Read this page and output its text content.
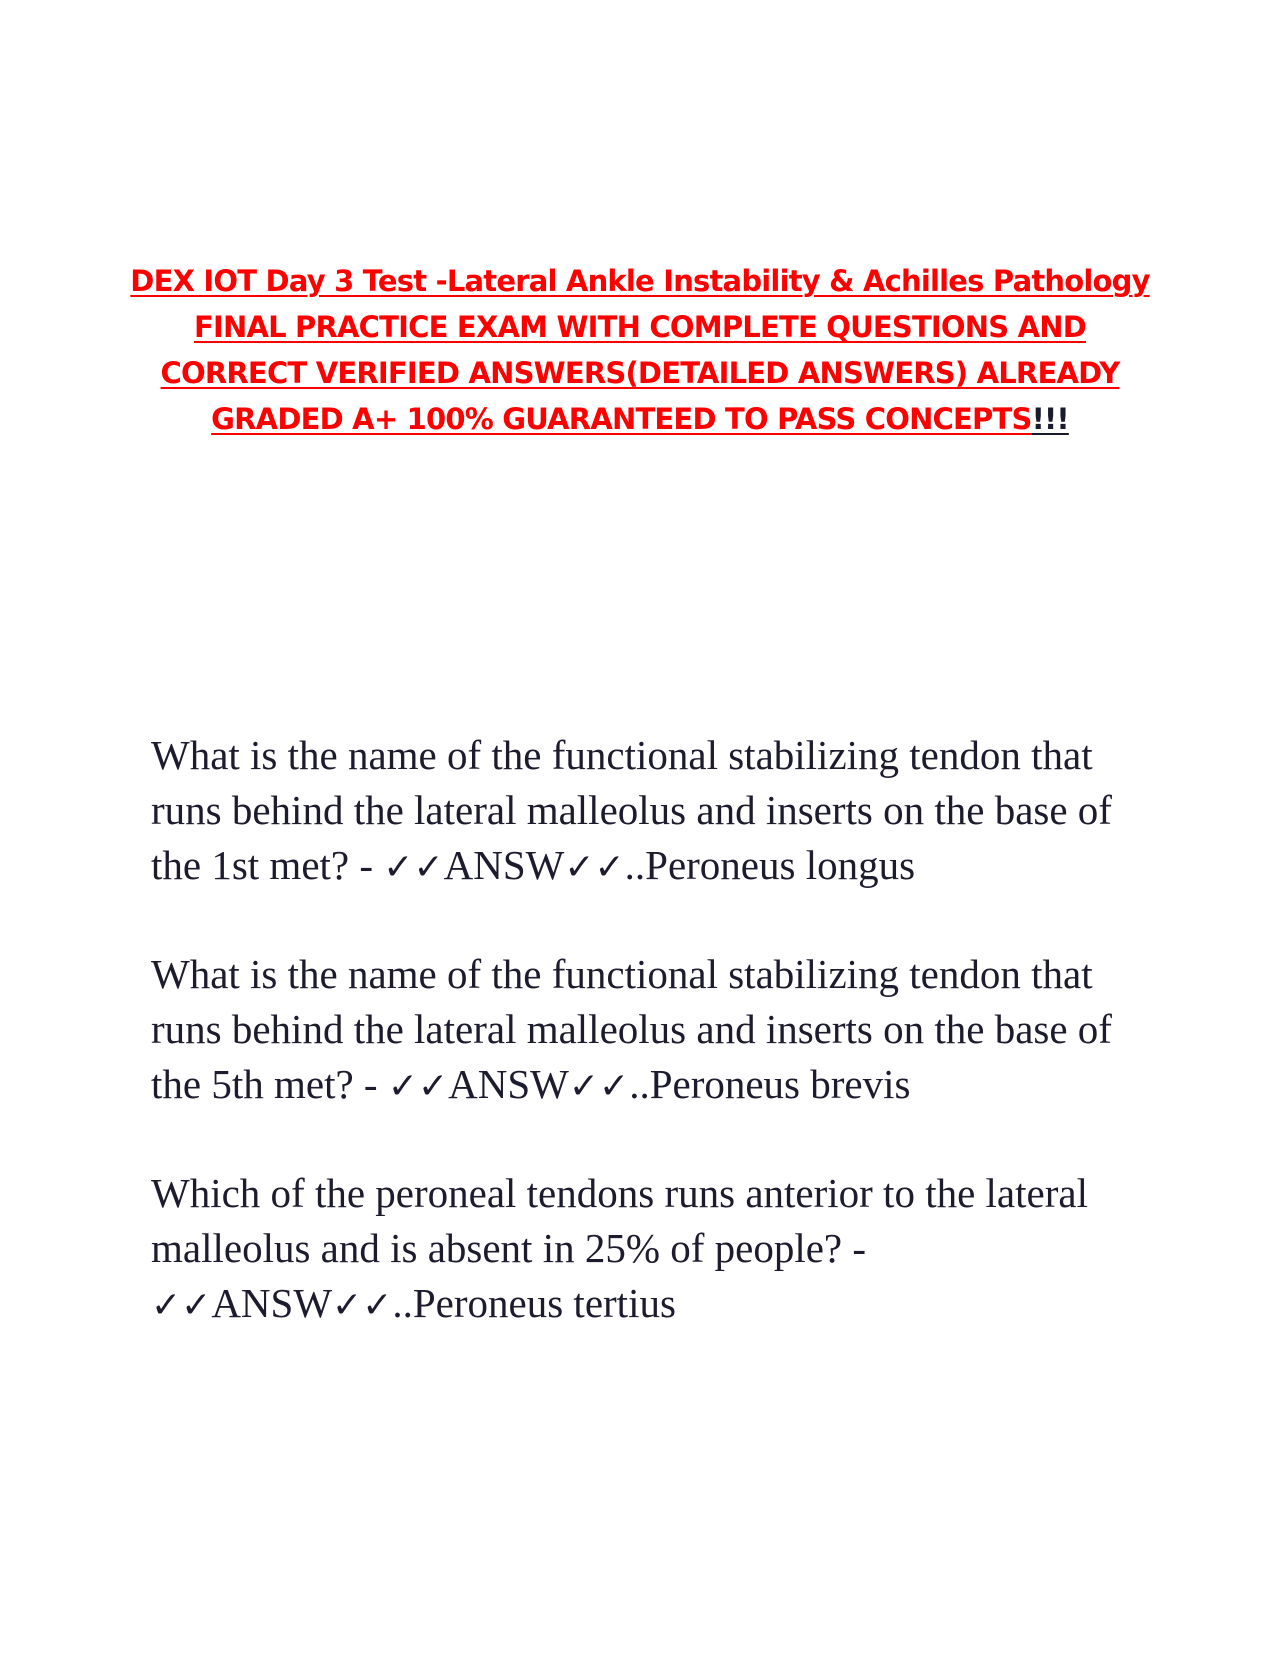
DEX IOT Day 3 Test -Lateral Ankle Instability & Achilles Pathology FINAL PRACTICE EXAM WITH COMPLETE QUESTIONS AND CORRECT VERIFIED ANSWERS(DETAILED ANSWERS) ALREADY GRADED A+ 100% GUARANTEED TO PASS CONCEPTS!!!

What is the name of the functional stabilizing tendon that runs behind the lateral malleolus and inserts on the base of the 1st met? - ✓✓ANSW✓✓..Peroneus longus

What is the name of the functional stabilizing tendon that runs behind the lateral malleolus and inserts on the base of the 5th met? - ✓✓ANSW✓✓..Peroneus brevis

Which of the peroneal tendons runs anterior to the lateral malleolus and is absent in 25% of people? - ✓✓ANSW✓✓..Peroneus tertius
